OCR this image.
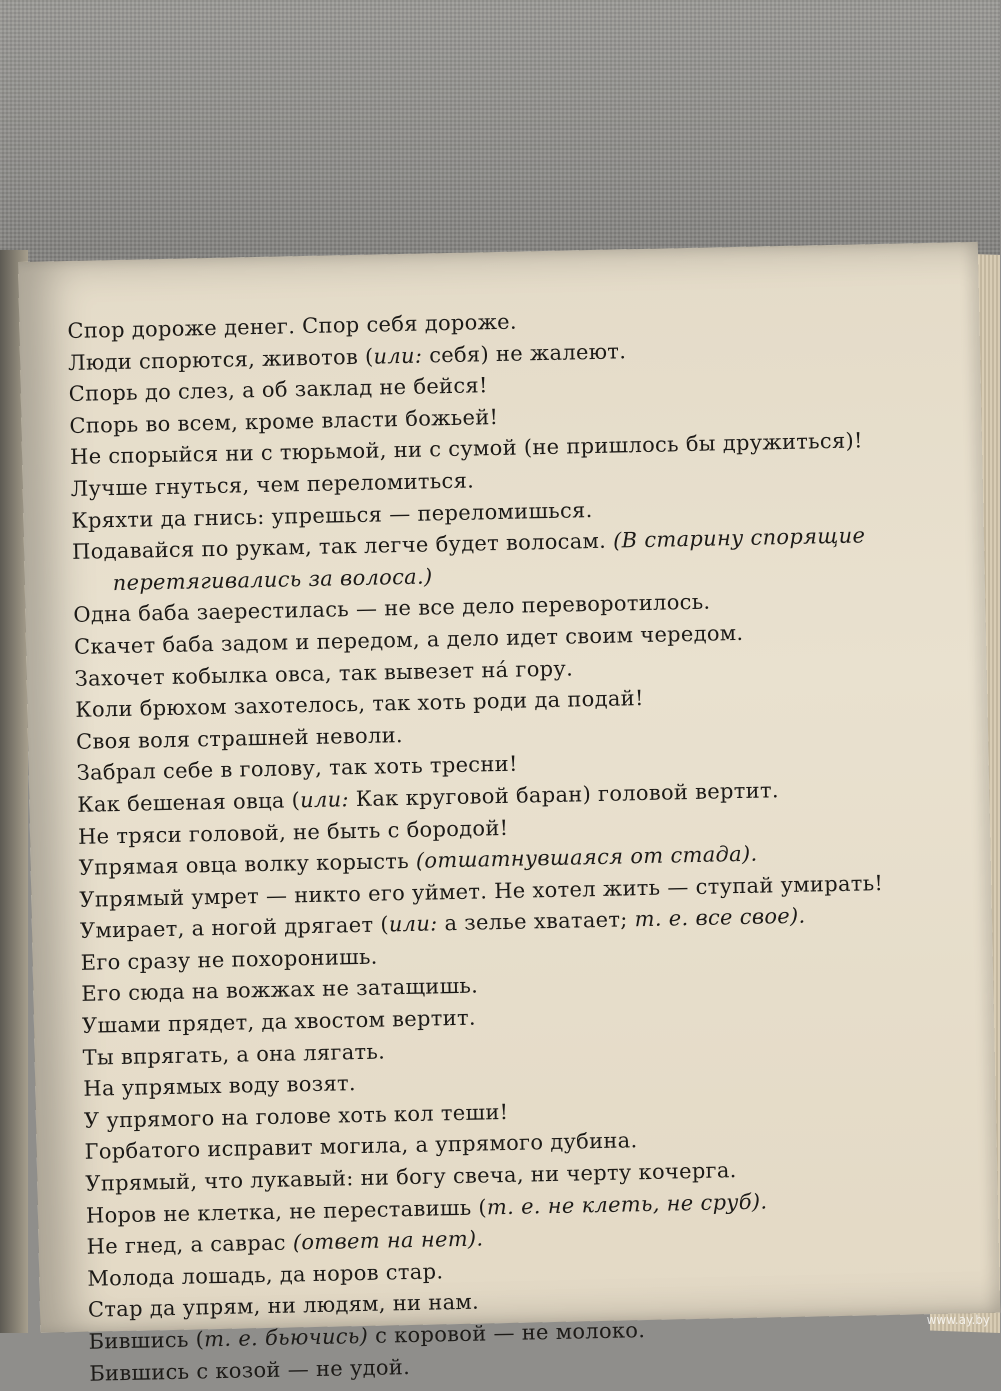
Спор дороже денег. Спор себя дороже.
Люди спорются, животов (или: себя) не жалеют.
Спорь до слез, а об заклад не бейся!
Спорь во всем, кроме власти божьей!
Не спорыйся ни с тюрьмой, ни с сумой (не пришлось бы дружиться)!
Лучше гнуться, чем переломиться.
Кряхти да гнись: упрешься — переломишься.
Подавайся по рукам, так легче будет волосам. (В старину спорящие
перетягивались за волоса.)
Одна баба заерестилась — не все дело переворотилось.
Скачет баба задом и передом, а дело идет своим чередом.
Захочет кобылка овса, так вывезет на́ гору.
Коли брюхом захотелось, так хоть роди да подай!
Своя воля страшней неволи.
Забрал себе в голову, так хоть тресни!
Как бешеная овца (или: Как круговой баран) головой вертит.
Не тряси головой, не быть с бородой!
Упрямая овца волку корысть (отшатнувшаяся от стада).
Упрямый умрет — никто его уймет. Не хотел жить — ступай умирать!
Умирает, а ногой дрягает (или: а зелье хватает; т. е. все свое).
Его сразу не похоронишь.
Его сюда на вожжах не затащишь.
Ушами прядет, да хвостом вертит.
Ты впрягать, а она лягать.
На упрямых воду возят.
У упрямого на голове хоть кол теши!
Горбатого исправит могила, а упрямого дубина.
Упрямый, что лукавый: ни богу свеча, ни черту кочерга.
Норов не клетка, не переставишь (т. е. не клеть, не сруб).
Не гнед, а саврас (ответ на нет).
Молода лошадь, да норов стар.
Стар да упрям, ни людям, ни нам.
Бившись (т. е. бьючись) с коровой — не молоко.
Бившись с козой — не удой.
www.ay.by
